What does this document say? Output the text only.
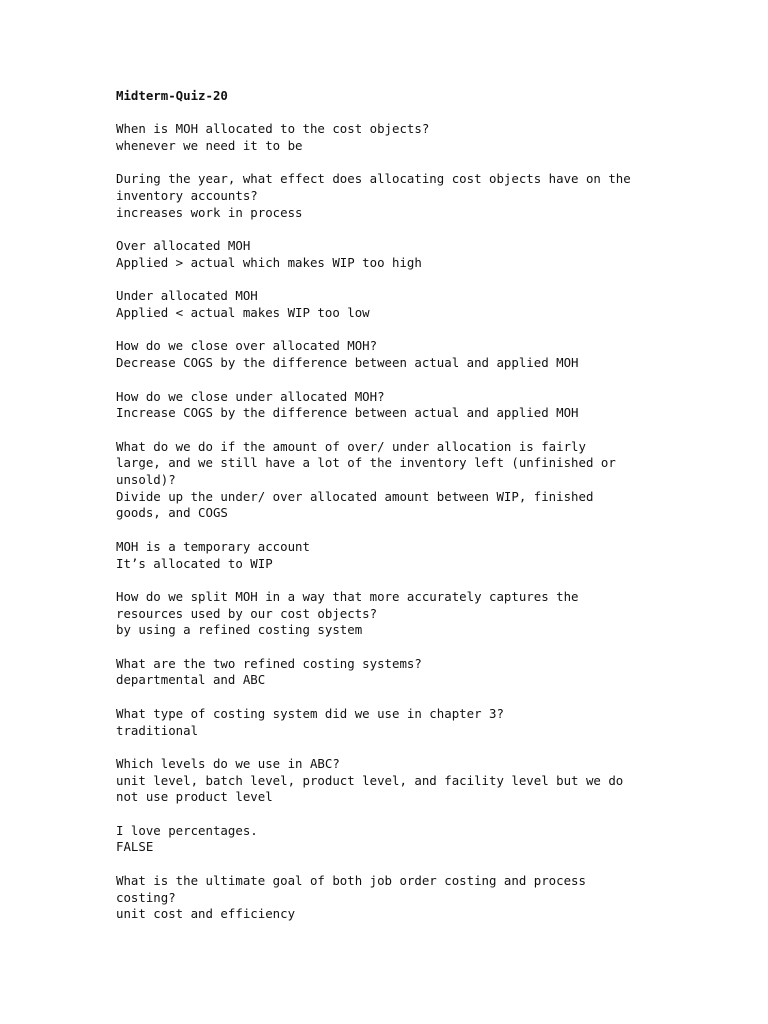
Midterm-Quiz-20
When is MOH allocated to the cost objects?
whenever we need it to be
During the year, what effect does allocating cost objects have on the
inventory accounts?
increases work in process
Over allocated MOH
Applied > actual which makes WIP too high
Under allocated MOH
Applied < actual makes WIP too low
How do we close over allocated MOH?
Decrease COGS by the difference between actual and applied MOH
How do we close under allocated MOH?
Increase COGS by the difference between actual and applied MOH
What do we do if the amount of over/ under allocation is fairly
large, and we still have a lot of the inventory left (unfinished or
unsold)?
Divide up the under/ over allocated amount between WIP, finished
goods, and COGS
MOH is a temporary account
It’s allocated to WIP
How do we split MOH in a way that more accurately captures the
resources used by our cost objects?
by using a refined costing system
What are the two refined costing systems?
departmental and ABC
What type of costing system did we use in chapter 3?
traditional
Which levels do we use in ABC?
unit level, batch level, product level, and facility level but we do
not use product level
I love percentages.
FALSE
What is the ultimate goal of both job order costing and process
costing?
unit cost and efficiency
